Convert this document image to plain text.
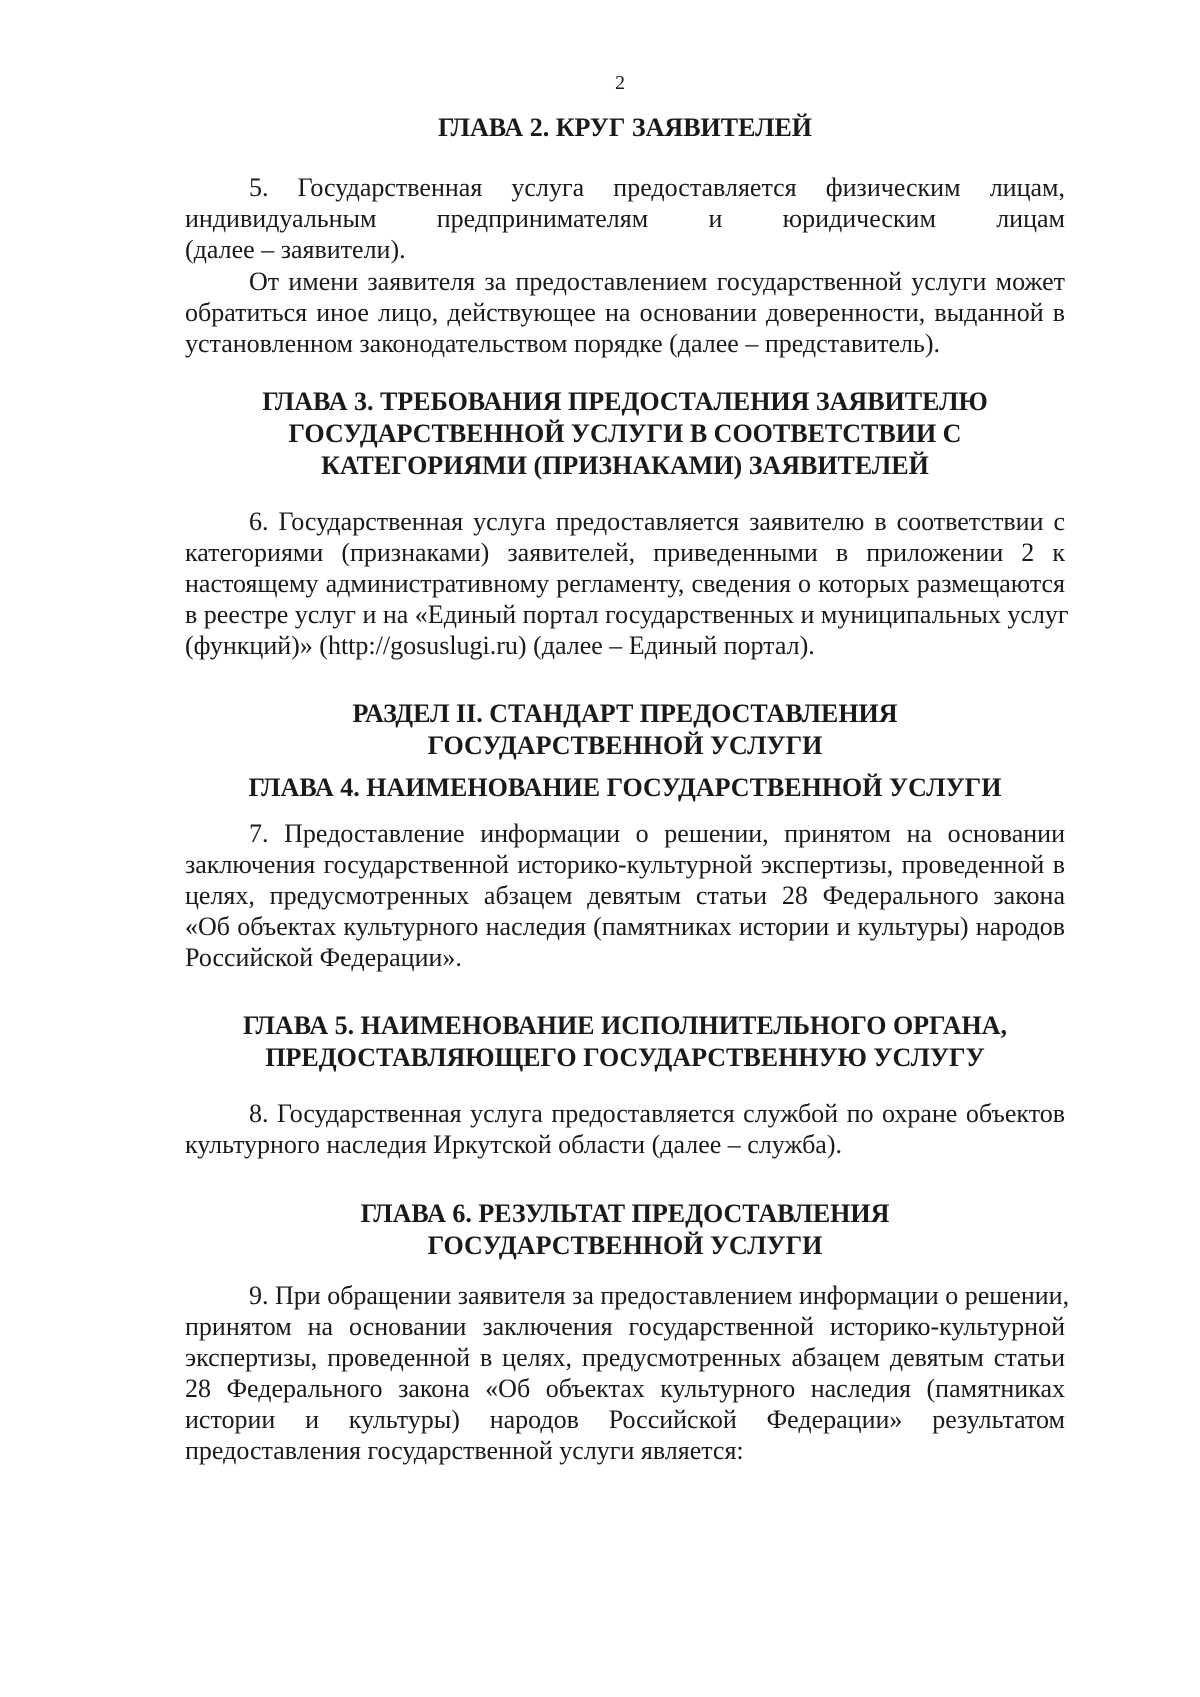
2
ГЛАВА 2. КРУГ ЗАЯВИТЕЛЕЙ
5. Государственная услуга предоставляется физическим лицам,
индивидуальным предпринимателям и юридическим лицам
(далее – заявители).
От имени заявителя за предоставлением государственной услуги может
обратиться иное лицо, действующее на основании доверенности, выданной в
установленном законодательством порядке (далее – представитель).
ГЛАВА 3. ТРЕБОВАНИЯ ПРЕДОСТАЛЕНИЯ ЗАЯВИТЕЛЮ
ГОСУДАРСТВЕННОЙ УСЛУГИ В СООТВЕТСТВИИ С
КАТЕГОРИЯМИ (ПРИЗНАКАМИ) ЗАЯВИТЕЛЕЙ
6. Государственная услуга предоставляется заявителю в соответствии с
категориями (признаками) заявителей, приведенными в приложении 2 к
настоящему административному регламенту, сведения о которых размещаются
в реестре услуг и на «Единый портал государственных и муниципальных услуг
(функций)» (http://gosuslugi.ru) (далее – Единый портал).
РАЗДЕЛ II. СТАНДАРТ ПРЕДОСТАВЛЕНИЯ
ГОСУДАРСТВЕННОЙ УСЛУГИ
ГЛАВА 4. НАИМЕНОВАНИЕ ГОСУДАРСТВЕННОЙ УСЛУГИ
7. Предоставление информации о решении, принятом на основании
заключения государственной историко-культурной экспертизы, проведенной в
целях, предусмотренных абзацем девятым статьи 28 Федерального закона
«Об объектах культурного наследия (памятниках истории и культуры) народов
Российской Федерации».
ГЛАВА 5. НАИМЕНОВАНИЕ ИСПОЛНИТЕЛЬНОГО ОРГАНА,
ПРЕДОСТАВЛЯЮЩЕГО ГОСУДАРСТВЕННУЮ УСЛУГУ
8. Государственная услуга предоставляется службой по охране объектов
культурного наследия Иркутской области (далее – служба).
ГЛАВА 6. РЕЗУЛЬТАТ ПРЕДОСТАВЛЕНИЯ
ГОСУДАРСТВЕННОЙ УСЛУГИ
9. При обращении заявителя за предоставлением информации о решении,
принятом на основании заключения государственной историко-культурной
экспертизы, проведенной в целях, предусмотренных абзацем девятым статьи
28 Федерального закона «Об объектах культурного наследия (памятниках
истории и культуры) народов Российской Федерации» результатом
предоставления государственной услуги является:
